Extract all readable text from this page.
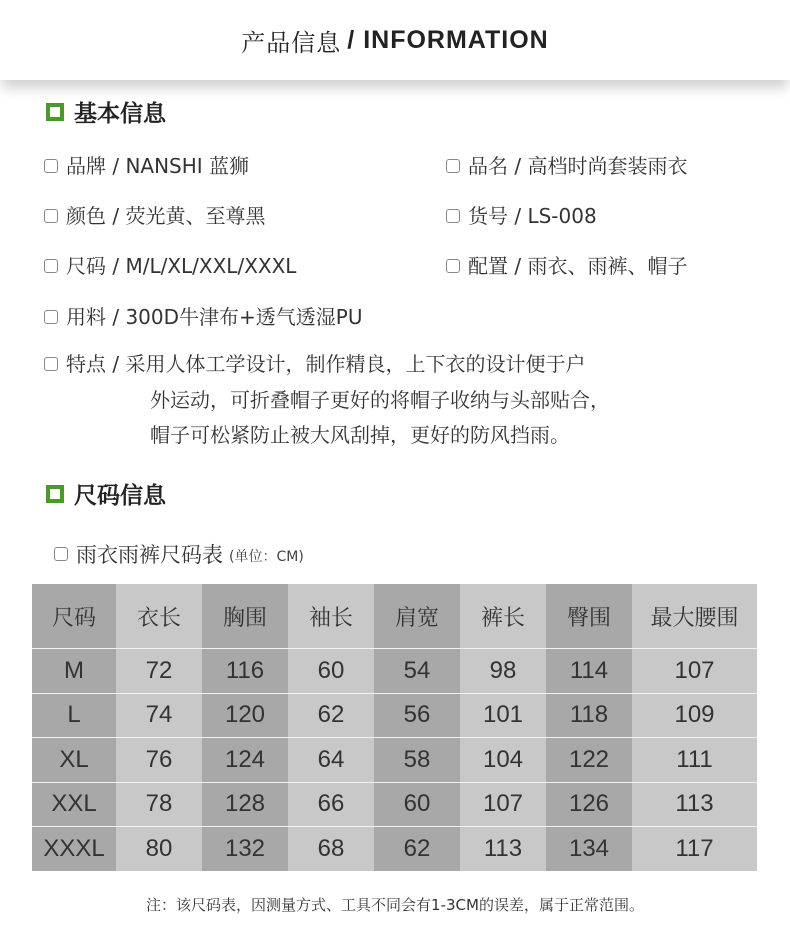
产品信息 / INFORMATION
基本信息
品牌 / NANSHI 蓝狮	品名 / 高档时尚套装雨衣
颜色 / 荧光黄、至尊黑	货号 / LS-008
尺码 / M/L/XL/XXL/XXXL	配置 / 雨衣、雨裤、帽子
用料 / 300D牛津布+透气透湿PU
特点 / 采用人体工学设计，制作精良，上下衣的设计便于户
外运动，可折叠帽子更好的将帽子收纳与头部贴合，
帽子可松紧防止被大风刮掉，更好的防风挡雨。
尺码信息
雨衣雨裤尺码表 (单位：CM)
尺码	衣长	胸围	袖长	肩宽	裤长	臀围	最大腰围
M	72	116	60	54	98	114	107
L	74	120	62	56	101	118	109
XL	76	124	64	58	104	122	111
XXL	78	128	66	60	107	126	113
XXXL	80	132	68	62	113	134	117
注：该尺码表，因测量方式、工具不同会有1-3CM的误差，属于正常范围。
